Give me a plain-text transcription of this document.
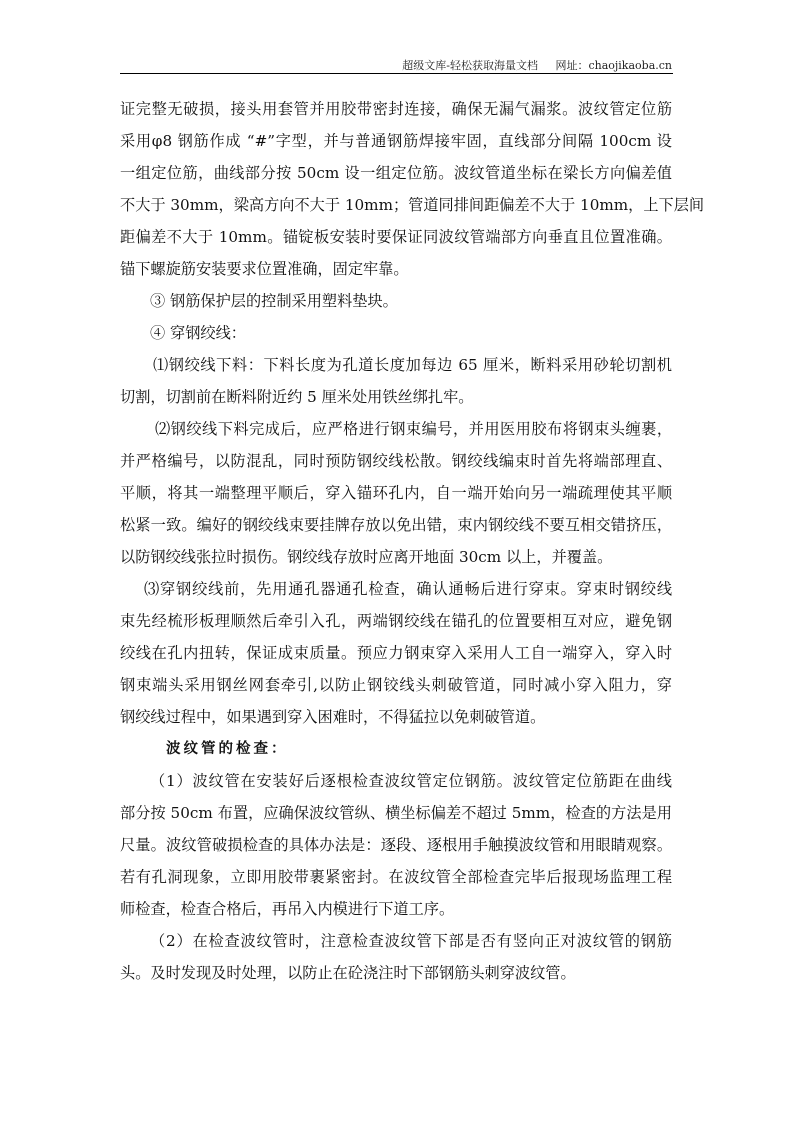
超级文库-轻松获取海量文档 网址：chaojikaoba.cn
证完整无破损，接头用套管并用胶带密封连接，确保无漏气漏浆。波纹管定位筋
采用φ8 钢筋作成 “#”字型，并与普通钢筋焊接牢固，直线部分间隔 100cm 设
一组定位筋，曲线部分按 50cm 设一组定位筋。波纹管道坐标在梁长方向偏差值
不大于 30mm，梁高方向不大于 10mm；管道同排间距偏差不大于 10mm，上下层间
距偏差不大于 10mm。锚锭板安装时要保证同波纹管端部方向垂直且位置准确。
锚下螺旋筋安装要求位置准确，固定牢靠。
③ 钢筋保护层的控制采用塑料垫块。
④ 穿钢绞线：
⑴钢绞线下料：下料长度为孔道长度加每边 65 厘米，断料采用砂轮切割机
切割，切割前在断料附近约 5 厘米处用铁丝绑扎牢。
⑵钢绞线下料完成后，应严格进行钢束编号，并用医用胶布将钢束头缠裹，
并严格编号，以防混乱，同时预防钢绞线松散。钢绞线编束时首先将端部理直、
平顺，将其一端整理平顺后，穿入锚环孔内，自一端开始向另一端疏理使其平顺
松紧一致。编好的钢绞线束要挂牌存放以免出错，束内钢绞线不要互相交错挤压，
以防钢绞线张拉时损伤。钢绞线存放时应离开地面 30cm 以上，并覆盖。
⑶穿钢绞线前，先用通孔器通孔检查，确认通畅后进行穿束。穿束时钢绞线
束先经梳形板理顺然后牵引入孔，两端钢绞线在锚孔的位置要相互对应，避免钢
绞线在孔内扭转，保证成束质量。预应力钢束穿入采用人工自一端穿入，穿入时
钢束端头采用钢丝网套牵引,以防止钢铰线头刺破管道，同时减小穿入阻力，穿
钢绞线过程中，如果遇到穿入困难时，不得猛拉以免刺破管道。
波纹管的检查：
（1）波纹管在安装好后逐根检查波纹管定位钢筋。波纹管定位筋距在曲线
部分按 50cm 布置，应确保波纹管纵、横坐标偏差不超过 5mm，检查的方法是用
尺量。波纹管破损检查的具体办法是：逐段、逐根用手触摸波纹管和用眼睛观察。
若有孔洞现象，立即用胶带裹紧密封。在波纹管全部检查完毕后报现场监理工程
师检查，检查合格后，再吊入内模进行下道工序。
（2）在检查波纹管时，注意检查波纹管下部是否有竖向正对波纹管的钢筋
头。及时发现及时处理，以防止在砼浇注时下部钢筋头刺穿波纹管。
